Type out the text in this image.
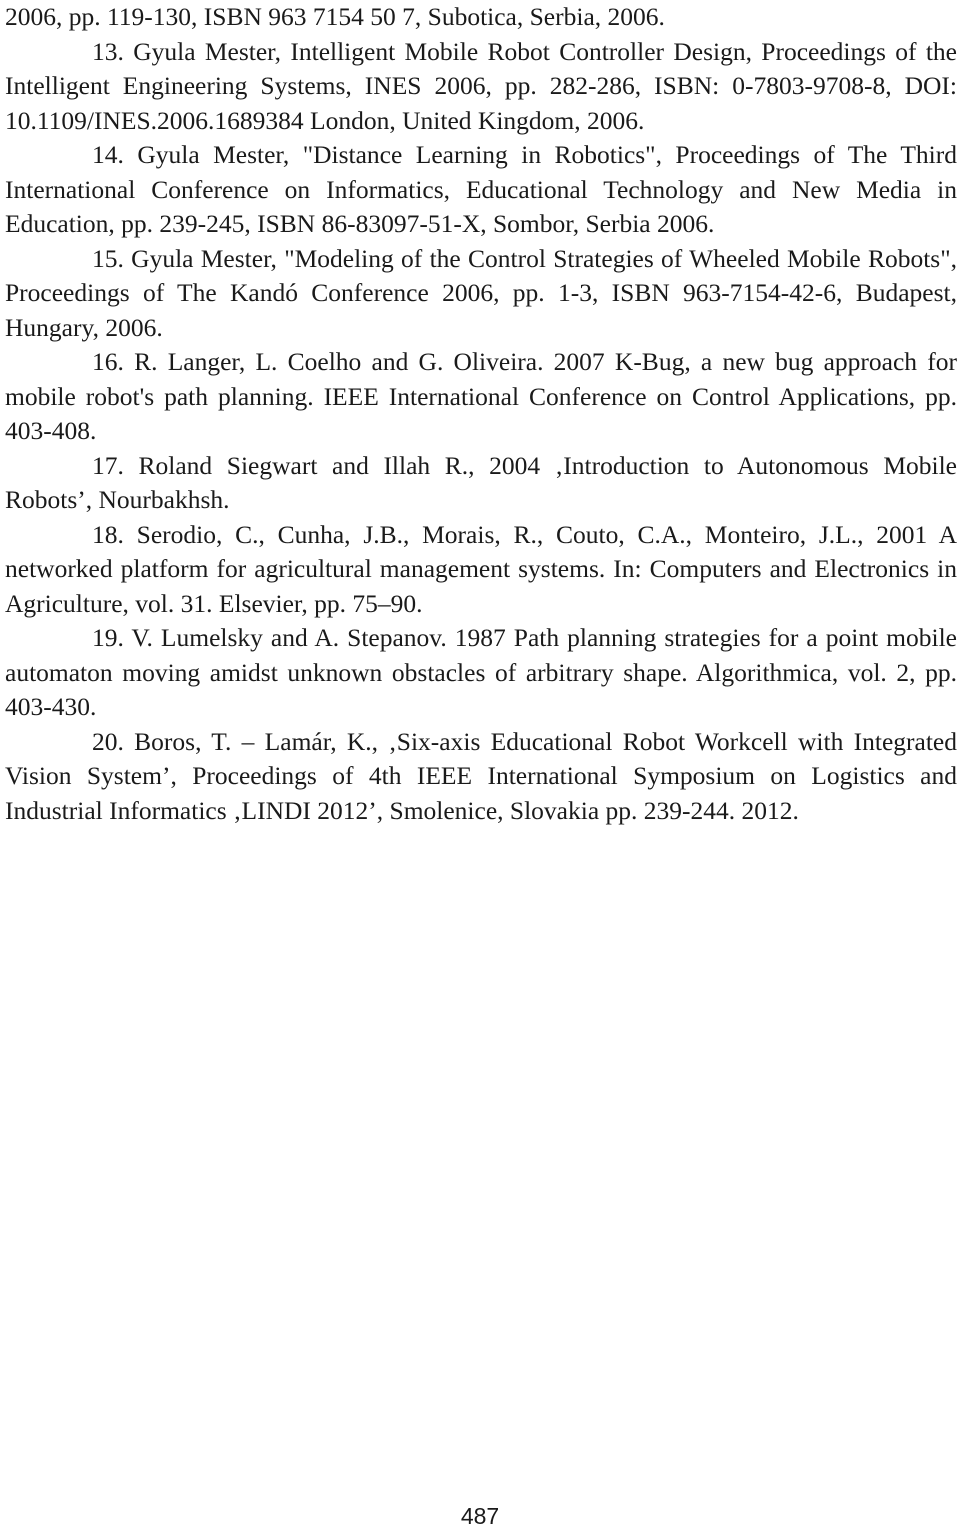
2006, pp. 119-130, ISBN 963 7154 50 7, Subotica, Serbia, 2006.

13. Gyula Mester, Intelligent Mobile Robot Controller Design, Proceedings of the Intelligent Engineering Systems, INES 2006, pp. 282-286, ISBN: 0-7803-9708-8, DOI: 10.1109/INES.2006.1689384 London, United Kingdom, 2006.

14. Gyula Mester, "Distance Learning in Robotics", Proceedings of The Third International Conference on Informatics, Educational Technology and New Media in Education, pp. 239-245, ISBN 86-83097-51-X, Sombor, Serbia 2006.

15. Gyula Mester, "Modeling of the Control Strategies of Wheeled Mobile Robots", Proceedings of The Kandó Conference 2006, pp. 1-3, ISBN 963-7154-42-6, Budapest, Hungary, 2006.

16. R. Langer, L. Coelho and G. Oliveira. 2007 K-Bug, a new bug approach for mobile robot's path planning. IEEE International Conference on Control Applications, pp. 403-408.

17. Roland Siegwart and Illah R., 2004 ‚Introduction to Autonomous Mobile Robots’, Nourbakhsh.

18. Serodio, C., Cunha, J.B., Morais, R., Couto, C.A., Monteiro, J.L., 2001 A networked platform for agricultural management systems. In: Computers and Electronics in Agriculture, vol. 31. Elsevier, pp. 75–90.

19. V. Lumelsky and A. Stepanov. 1987 Path planning strategies for a point mobile automaton moving amidst unknown obstacles of arbitrary shape. Algorithmica, vol. 2, pp. 403-430.

20. Boros, T. – Lamár, K., ‚Six-axis Educational Robot Workcell with Integrated Vision System’, Proceedings of 4th IEEE International Symposium on Logistics and Industrial Informatics ‚LINDI 2012’, Smolenice, Slovakia pp. 239-244. 2012.

487
